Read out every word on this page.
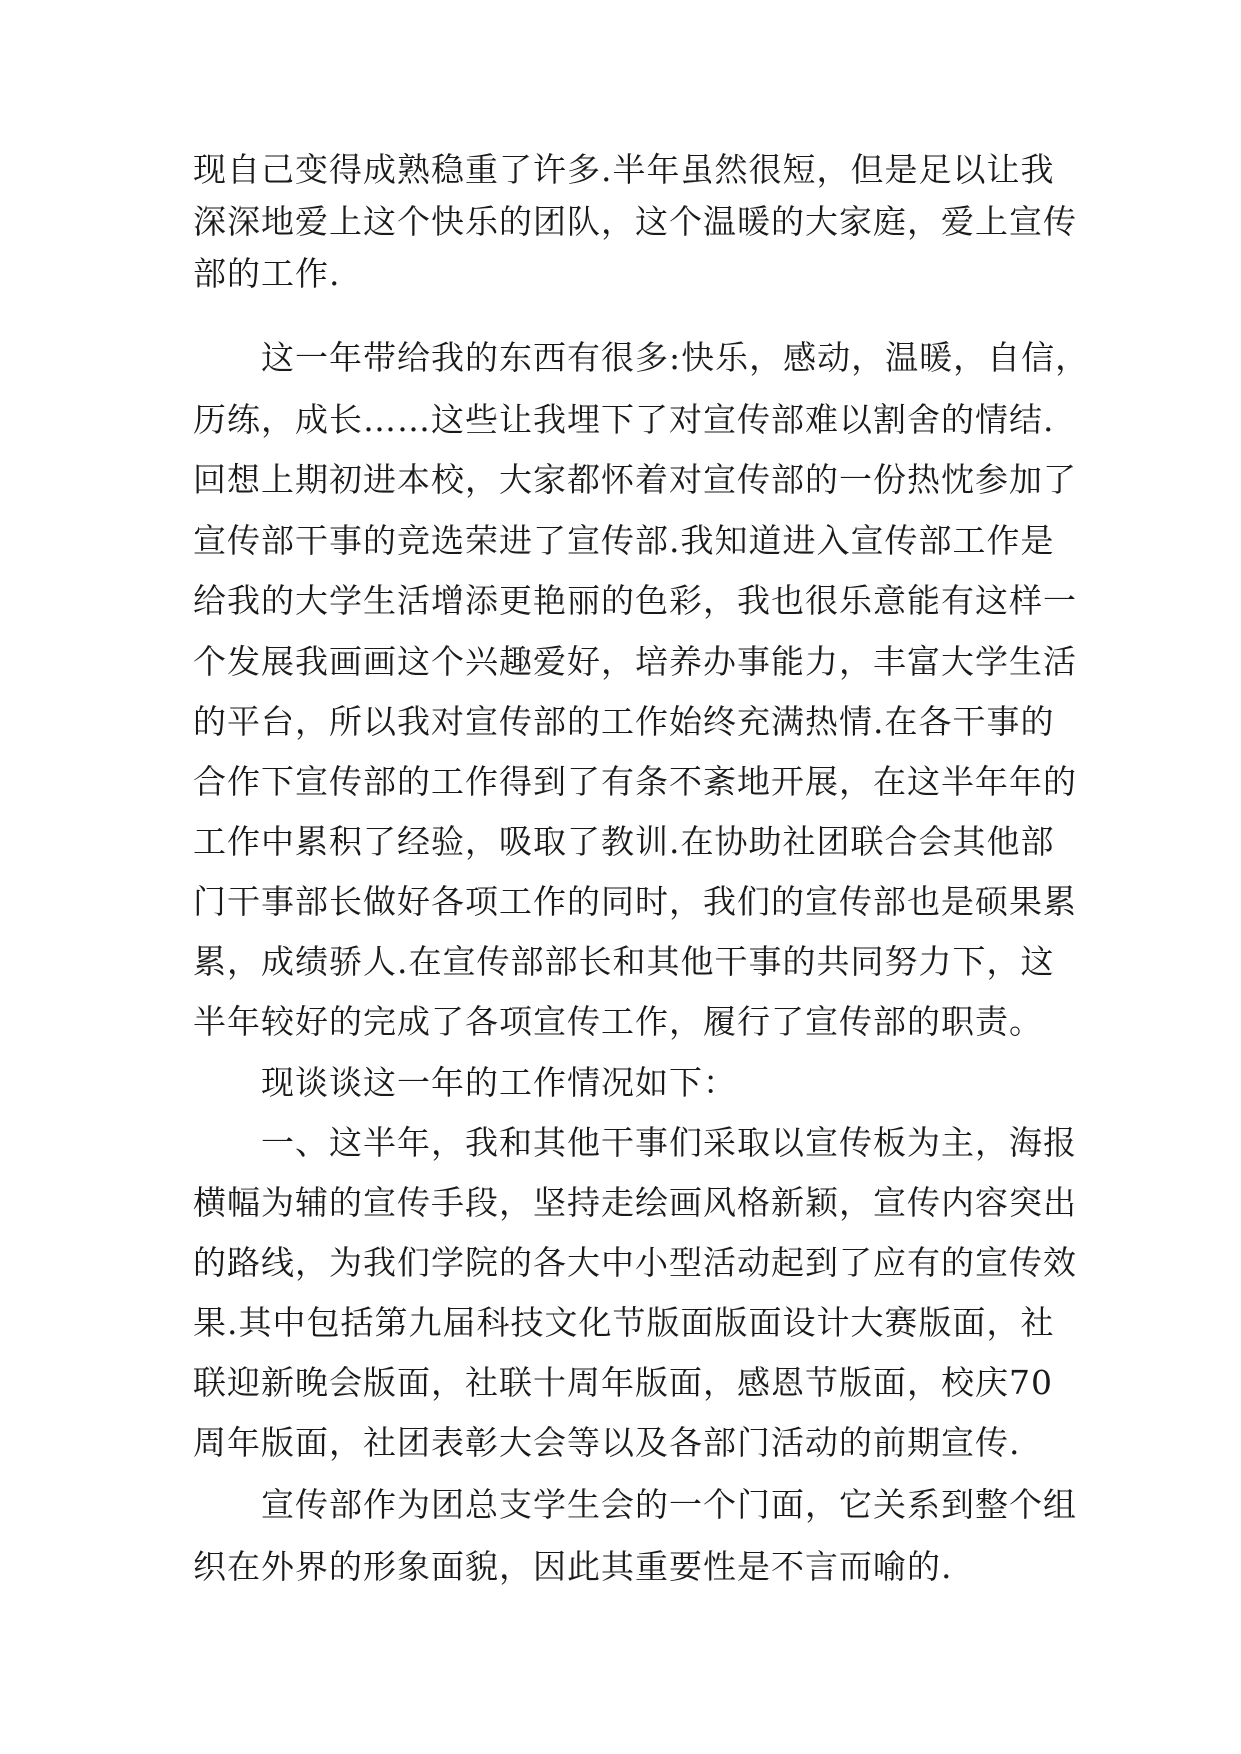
现自己变得成熟稳重了许多.半年虽然很短，但是足以让我
深深地爱上这个快乐的团队，这个温暖的大家庭，爱上宣传
部的工作.
　　这一年带给我的东西有很多:快乐，感动，温暖，自信，
历练，成长……这些让我埋下了对宣传部难以割舍的情结.
回想上期初进本校，大家都怀着对宣传部的一份热忱参加了
宣传部干事的竞选荣进了宣传部.我知道进入宣传部工作是
给我的大学生活增添更艳丽的色彩，我也很乐意能有这样一
个发展我画画这个兴趣爱好，培养办事能力，丰富大学生活
的平台，所以我对宣传部的工作始终充满热情.在各干事的
合作下宣传部的工作得到了有条不紊地开展，在这半年年的
工作中累积了经验，吸取了教训.在协助社团联合会其他部
门干事部长做好各项工作的同时，我们的宣传部也是硕果累
累，成绩骄人.在宣传部部长和其他干事的共同努力下，这
半年较好的完成了各项宣传工作，履行了宣传部的职责。
　　现谈谈这一年的工作情况如下：
　　一、这半年，我和其他干事们采取以宣传板为主，海报
横幅为辅的宣传手段，坚持走绘画风格新颖，宣传内容突出
的路线，为我们学院的各大中小型活动起到了应有的宣传效
果.其中包括第九届科技文化节版面版面设计大赛版面，社
联迎新晚会版面，社联十周年版面，感恩节版面，校庆70
周年版面，社团表彰大会等以及各部门活动的前期宣传.
　　宣传部作为团总支学生会的一个门面，它关系到整个组
织在外界的形象面貌，因此其重要性是不言而喻的.
